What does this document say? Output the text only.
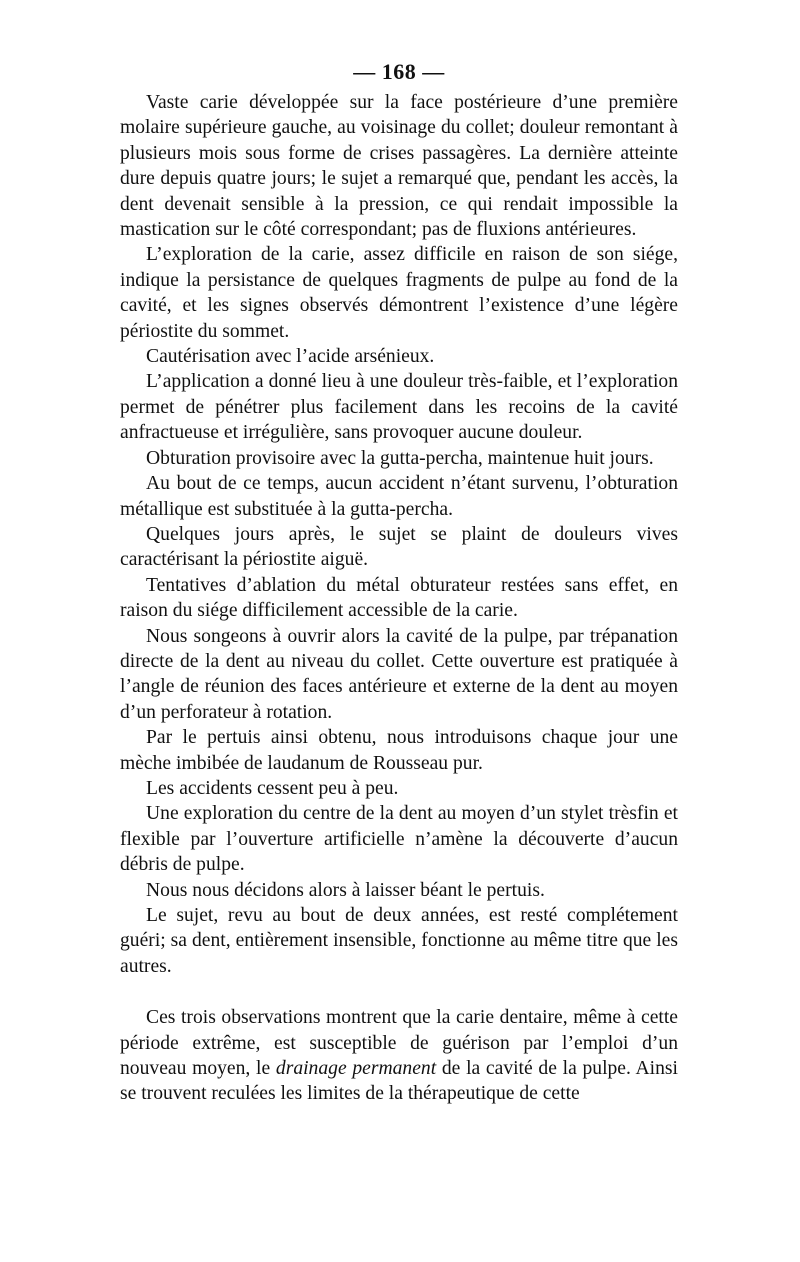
— 168 —

Vaste carie développée sur la face postérieure d’une première molaire supérieure gauche, au voisinage du collet; douleur remontant à plusieurs mois sous forme de crises passagères. La dernière atteinte dure depuis quatre jours; le sujet a remarqué que, pendant les accès, la dent devenait sensible à la pression, ce qui rendait impossible la mastication sur le côté correspondant; pas de fluxions antérieures.

L’exploration de la carie, assez difficile en raison de son siége, indique la persistance de quelques fragments de pulpe au fond de la cavité, et les signes observés démontrent l’existence d’une légère périostite du sommet.

Cautérisation avec l’acide arsénieux.

L’application a donné lieu à une douleur très-faible, et l’exploration permet de pénétrer plus facilement dans les recoins de la cavité anfractueuse et irrégulière, sans provoquer aucune douleur.

Obturation provisoire avec la gutta-percha, maintenue huit jours.

Au bout de ce temps, aucun accident n’étant survenu, l’obturation métallique est substituée à la gutta-percha.

Quelques jours après, le sujet se plaint de douleurs vives caractérisant la périostite aiguë.

Tentatives d’ablation du métal obturateur restées sans effet, en raison du siége difficilement accessible de la carie.

Nous songeons à ouvrir alors la cavité de la pulpe, par trépanation directe de la dent au niveau du collet. Cette ouverture est pratiquée à l’angle de réunion des faces antérieure et externe de la dent au moyen d’un perforateur à rotation.

Par le pertuis ainsi obtenu, nous introduisons chaque jour une mèche imbibée de laudanum de Rousseau pur.

Les accidents cessent peu à peu.

Une exploration du centre de la dent au moyen d’un stylet trèsfin et flexible par l’ouverture artificielle n’amène la découverte d’aucun débris de pulpe.

Nous nous décidons alors à laisser béant le pertuis.

Le sujet, revu au bout de deux années, est resté complétement guéri; sa dent, entièrement insensible, fonctionne au même titre que les autres.

Ces trois observations montrent que la carie dentaire, même à cette période extrême, est susceptible de guérison par l’emploi d’un nouveau moyen, le drainage permanent de la cavité de la pulpe. Ainsi se trouvent reculées les limites de la thérapeutique de cette
